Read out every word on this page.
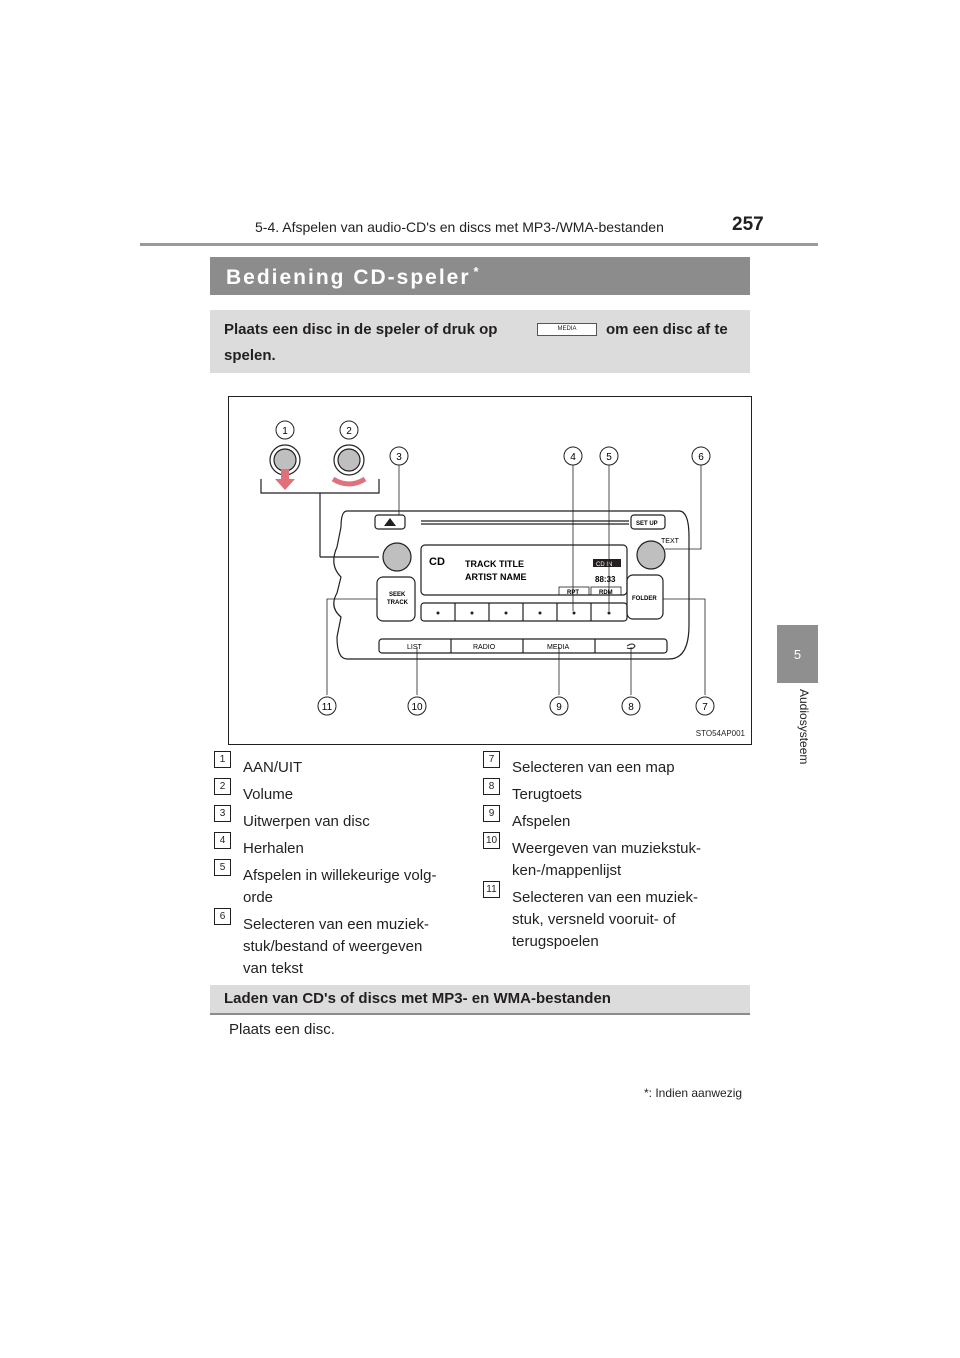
5-4. Afspelen van audio-CD's en discs met MP3-/WMA-bestanden	257
5
Audiosysteem
Bediening CD-speler *
Plaats een disc in de speler of druk op	MEDIA	om een disc af te
spelen.
CD TRACK TITLE
ARTIST NAME
CD IN
88:33
RPT	RDM
SET UP
TEXT
SEEK
TRACK
FOLDER
LIST	RADIO	MEDIA
1	2
3	4	5	6
7
8
9
10
11
STO54AP001
1	AAN/UIT
2	Volume
3	Uitwerpen van disc
4	Herhalen
5	Afspelen in willekeurige volg-
orde
6	Selecteren van een muziek-
stuk/bestand of weergeven
van tekst
7	Selecteren van een map
8	Terugtoets
9	Afspelen
10 Weergeven van muziekstuk-
ken-/mappenlijst
11 Selecteren van een muziek-
stuk, versneld vooruit- of
terugspoelen
Laden van CD's of discs met MP3- en WMA-bestanden
Plaats een disc.
*: Indien aanwezig
